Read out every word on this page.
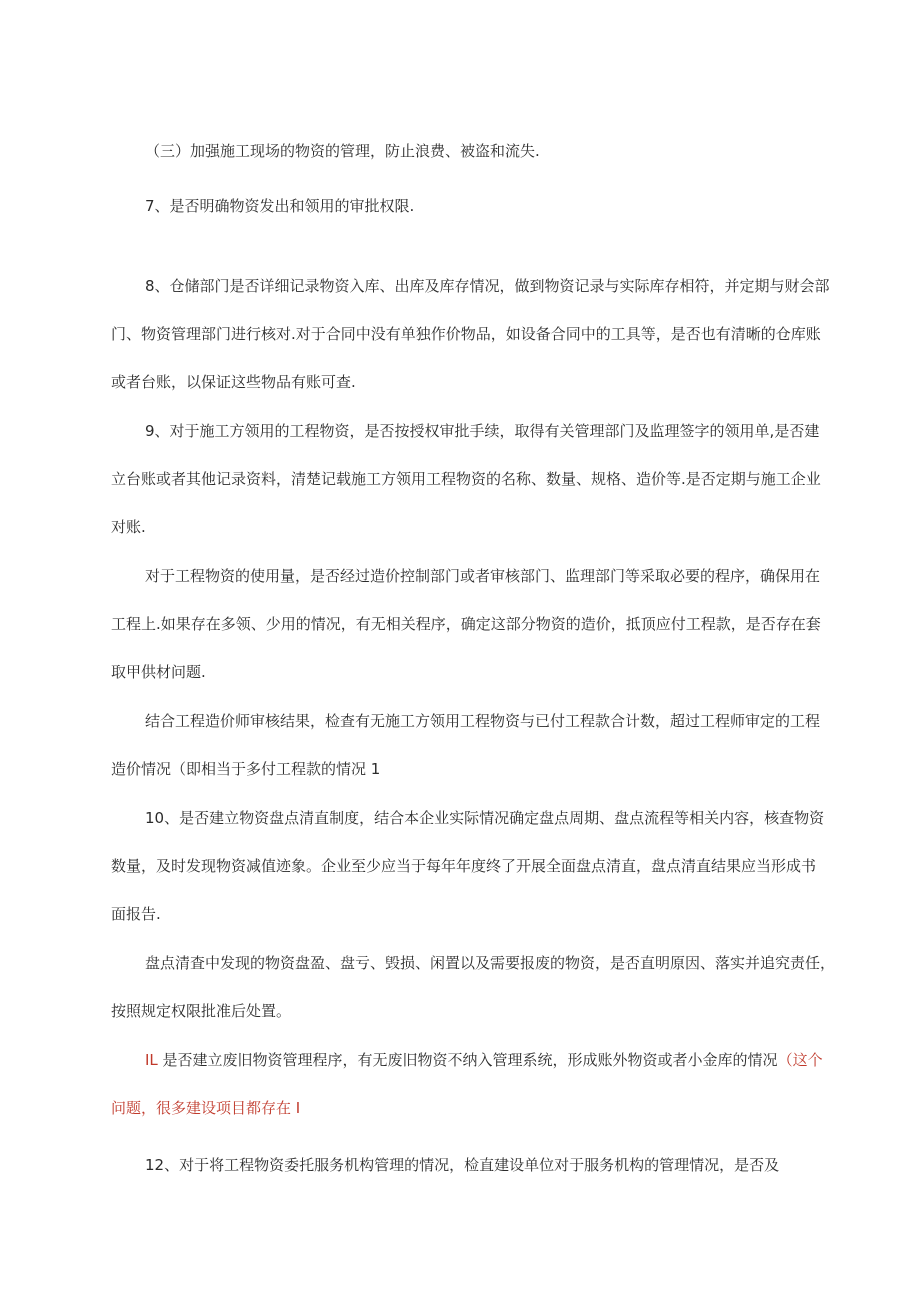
（三）加强施工现场的物资的管理，防止浪费、被盗和流失.
7、是否明确物资发出和领用的审批权限.
8、仓储部门是否详细记录物资入库、出库及库存情况，做到物资记录与实际库存相符，并定期与财会部
门、物资管理部门进行核对.对于合同中没有单独作价物品，如设备合同中的工具等，是否也有清晰的仓库账
或者台账，以保证这些物品有账可查.
9、对于施工方领用的工程物资，是否按授权审批手续，取得有关管理部门及监理签字的领用单,是否建
立台账或者其他记录资料，清楚记载施工方领用工程物资的名称、数量、规格、造价等.是否定期与施工企业
对账.
对于工程物资的使用量，是否经过造价控制部门或者审核部门、监理部门等采取必要的程序，确保用在
工程上.如果存在多领、少用的情况，有无相关程序，确定这部分物资的造价，抵顶应付工程款，是否存在套
取甲供材问题.
结合工程造价师审核结果，检查有无施工方领用工程物资与已付工程款合计数，超过工程师审定的工程
造价情况（即相当于多付工程款的情况 1
10、是否建立物资盘点清直制度，结合本企业实际情况确定盘点周期、盘点流程等相关内容，核查物资
数量，及时发现物资减值迹象。企业至少应当于每年年度终了开展全面盘点清直，盘点清直结果应当形成书
面报告.
盘点清査中发现的物资盘盈、盘亏、毁损、闲置以及需要报废的物资，是否直明原因、落实并追究责任，
按照规定权限批准后处置。
IL 是否建立废旧物资管理程序，有无废旧物资不纳入管理系统，形成账外物资或者小金库的情况（这个
问题，很多建设项目都存在 I
12、对于将工程物资委托服务机构管理的情况，检直建设单位对于服务机构的管理情况，是否及
